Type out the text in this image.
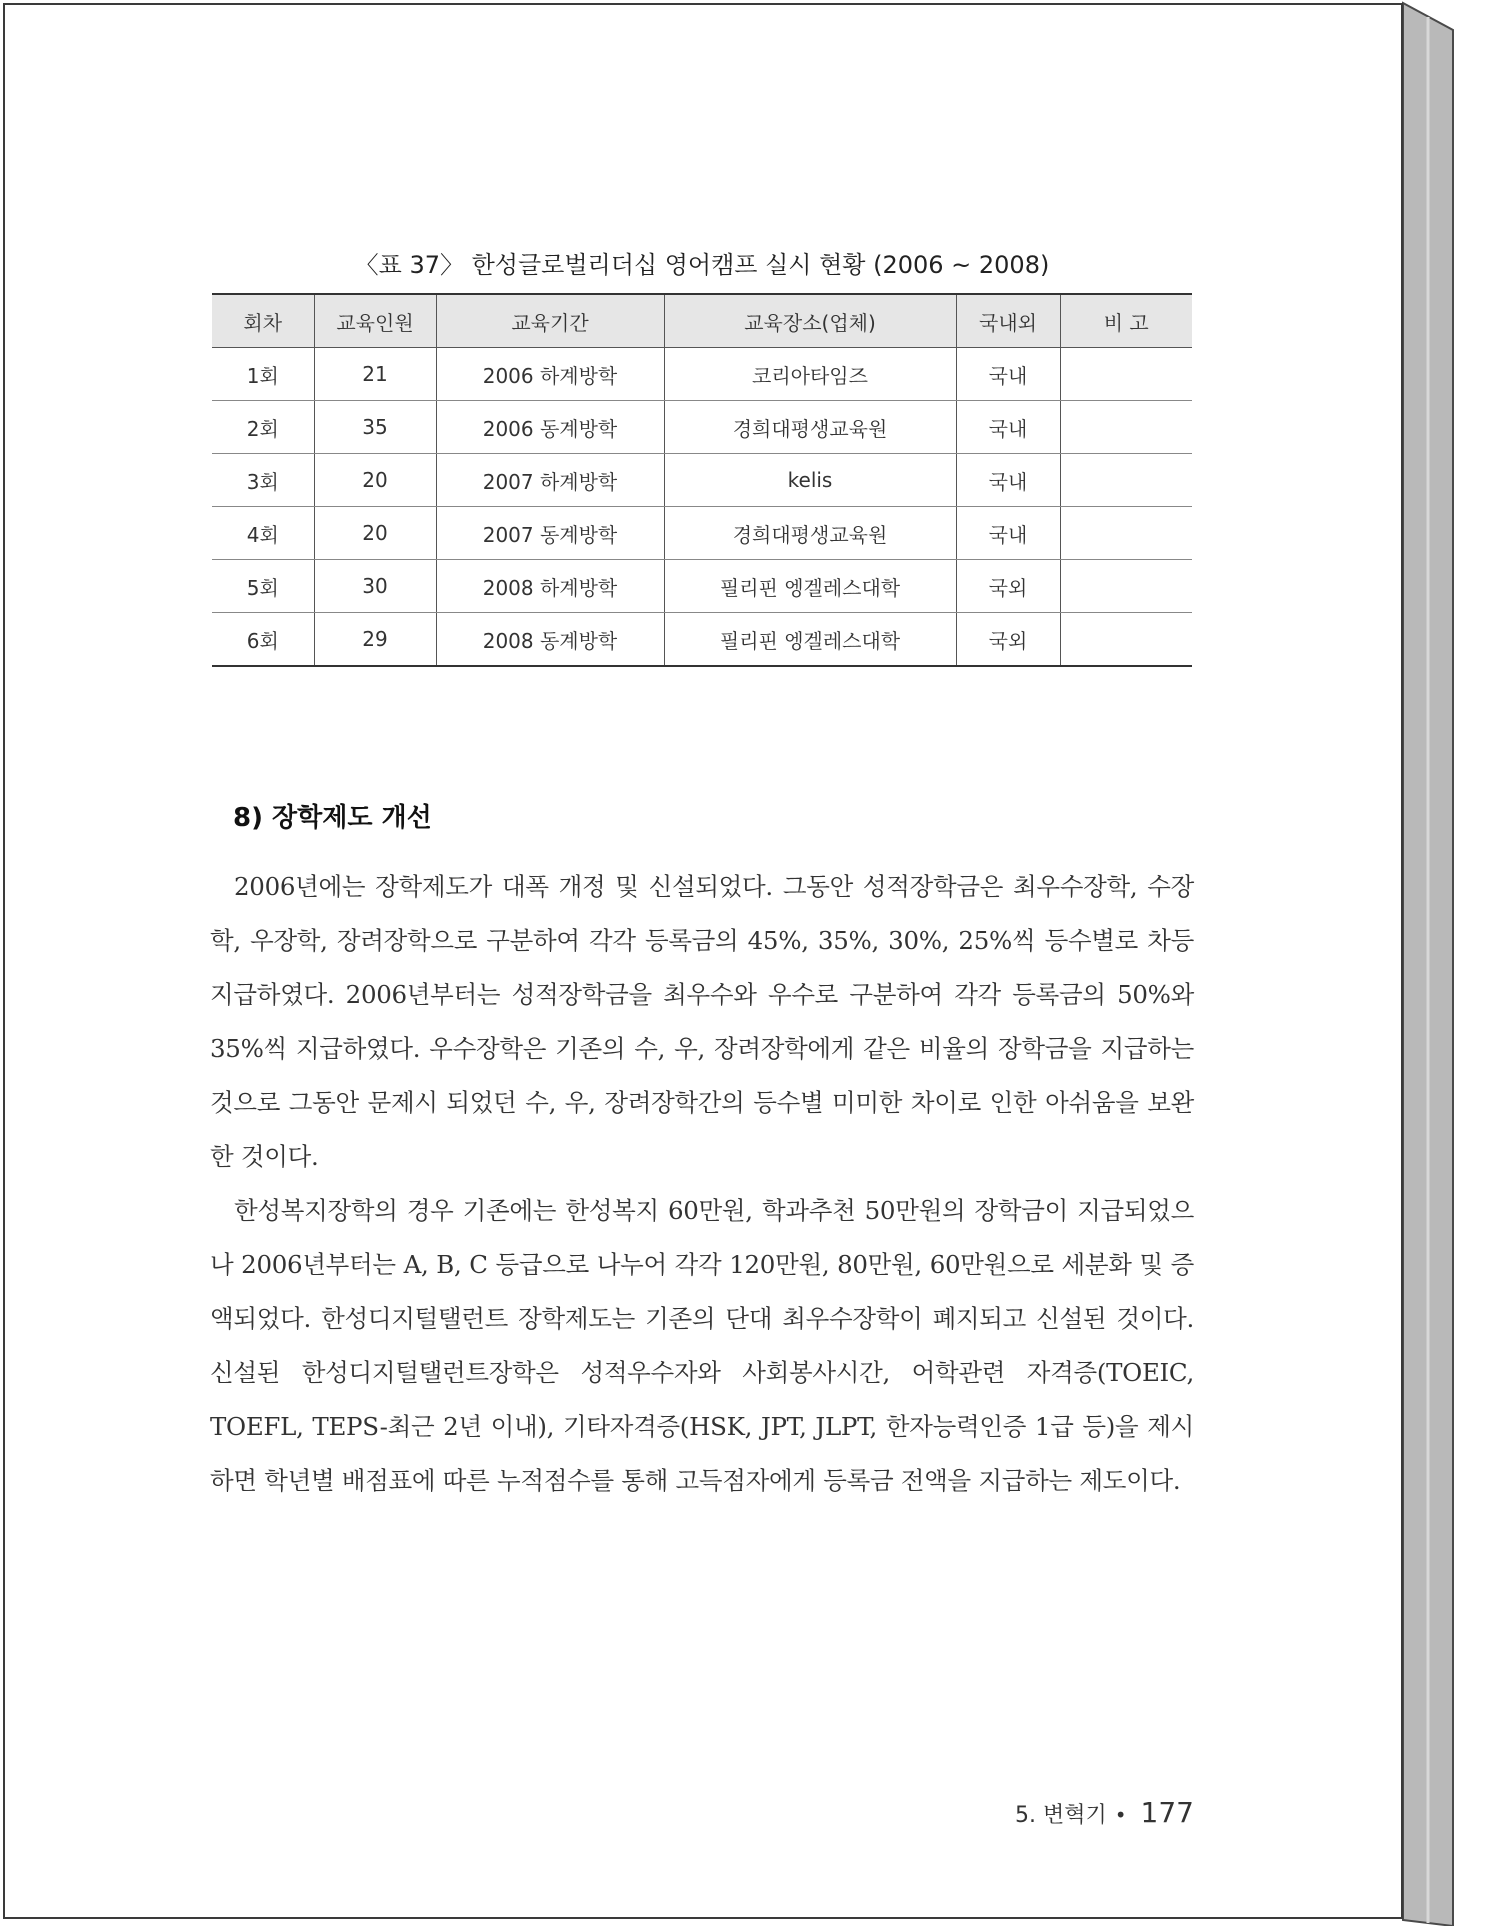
〈표 37〉 한성글로벌리더십 영어캠프 실시 현황 (2006 ~ 2008)
회차	교육인원	교육기간	교육장소(업체)	국내외	비 고
1회	21	2006 하계방학	코리아타임즈	국내	
2회	35	2006 동계방학	경희대평생교육원	국내	
3회	20	2007 하계방학	kelis	국내	
4회	20	2007 동계방학	경희대평생교육원	국내	
5회	30	2008 하계방학	필리핀 엥겔레스대학	국외	
6회	29	2008 동계방학	필리핀 엥겔레스대학	국외	
8) 장학제도 개선

2006년에는 장학제도가 대폭 개정 및 신설되었다. 그동안 성적장학금은 최우수장학, 수장학, 우장학, 장려장학으로 구분하여 각각 등록금의 45%, 35%, 30%, 25%씩 등수별로 차등 지급하였다. 2006년부터는 성적장학금을 최우수와 우수로 구분하여 각각 등록금의 50%와 35%씩 지급하였다. 우수장학은 기존의 수, 우, 장려장학에게 같은 비율의 장학금을 지급하는 것으로 그동안 문제시 되었던 수, 우, 장려장학간의 등수별 미미한 차이로 인한 아쉬움을 보완한 것이다.

한성복지장학의 경우 기존에는 한성복지 60만원, 학과추천 50만원의 장학금이 지급되었으나 2006년부터는 A, B, C 등급으로 나누어 각각 120만원, 80만원, 60만원으로 세분화 및 증액되었다. 한성디지털탤런트 장학제도는 기존의 단대 최우수장학이 폐지되고 신설된 것이다. 신설된 한성디지털탤런트장학은 성적우수자와 사회봉사시간, 어학관련 자격증(TOEIC, TOEFL, TEPS-최근 2년 이내), 기타자격증(HSK, JPT, JLPT, 한자능력인증 1급 등)을 제시하면 학년별 배점표에 따른 누적점수를 통해 고득점자에게 등록금 전액을 지급하는 제도이다.

5. 변혁기 • 177
